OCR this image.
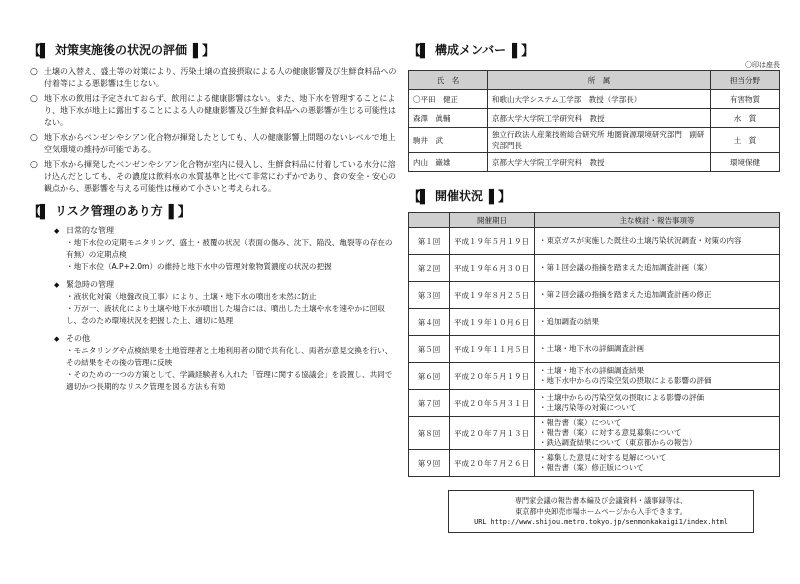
【▌
対策実施後の状況の評価
▌】
○ 土壌の入替え、盛土等の対策により、汚染土壌の直接摂取による人の健康影響及び生鮮食料品への付着等による悪影響は生じない。
○ 地下水の飲用は予定されておらず、飲用による健康影響はない。また、地下水を管理することにより、地下水が地上に露出することによる人の健康影響及び生鮮食料品への悪影響が生じる可能性はない。
○ 地下水からベンゼンやシアン化合物が揮発したとしても、人の健康影響上問題のないレベルで地上空気環境の維持が可能である。
○ 地下水から揮発したベンゼンやシアン化合物が室内に侵入し、生鮮食料品に付着している水分に溶け込んだとしても、その濃度は飲料水の水質基準と比べて非常にわずかであり、食の安全・安心の観点から、悪影響を与える可能性は極めて小さいと考えられる。
【▌
リスク管理のあり方
▌】
◆ 日常的な管理
・地下水位の定期モニタリング、盛土・被覆の状況（表面の傷み、沈下、陥没、亀裂等の存在の有無）の定期点検
・地下水位（A.P+2.0m）の維持と地下水中の管理対象物質濃度の状況の把握
◆ 緊急時の管理
・液状化対策（地盤改良工事）により、土壌・地下水の噴出を未然に防止
・万が一、液状化により土壌や地下水が噴出した場合には、噴出した土壌や水を速やかに回収し、念のため環境状況を把握した上、適切に処理
◆ その他
・モニタリングや点検結果を土地管理者と土地利用者の間で共有化し、両者が意見交換を行い、その結果をその後の管理に反映
・そのための一つの方策として、学識経験者も入れた「管理に関する協議会」を設置し、共同で適切かつ長期的なリスク管理を図る方法も有効
【▌
構成メンバー
▌】
〇印は座長
氏　名	所　属	担当分野
〇平田　健正	和歌山大学システム工学部　教授（学部長）	有害物質
森澤　眞輔	京都大学大学院工学研究科　教授	水　質
駒井　武	独立行政法人産業技術総合研究所 地圏資源環境研究部門　副研究部門長	土　質
内山　巌雄	京都大学大学院工学研究科　教授	環境保健
【▌
開催状況
▌】
	開催期日	主な検討・報告事項等
第１回	平成１９年５月１９日	・東京ガスが実施した既往の土壌汚染状況調査・対策の内容

第２回	平成１９年６月３０日	・第１回会議の指摘を踏まえた追加調査計画（案）

第３回	平成１９年８月２５日	・第２回会議の指摘を踏まえた追加調査計画の修正

第４回	平成１９年１０月６日	・追加調査の結果

第５回	平成１９年１１月５日	・土壌・地下水の詳細調査計画

第６回	平成２０年５月１９日	・土壌・地下水の詳細調査結果
・地下水中からの汚染空気の摂取による影響の評価

第７回	平成２０年５月３１日	・土壌中からの汚染空気の摂取による影響の評価
・土壌汚染等の対策について

第８回	平成２０年７月１３日	・報告書（案）について
・報告書（案）に対する意見募集について
・鉄込調査結果について（東京都からの報告）

第９回	平成２０年７月２６日	・募集した意見に対する見解について
・報告書（案）修正版について
専門家会議の報告書本編及び会議資料・議事録等は、
東京都中央卸売市場ホームページから入手できます。
URL http://www.shijou.metro.tokyo.jp/senmonkakaigi1/index.html
